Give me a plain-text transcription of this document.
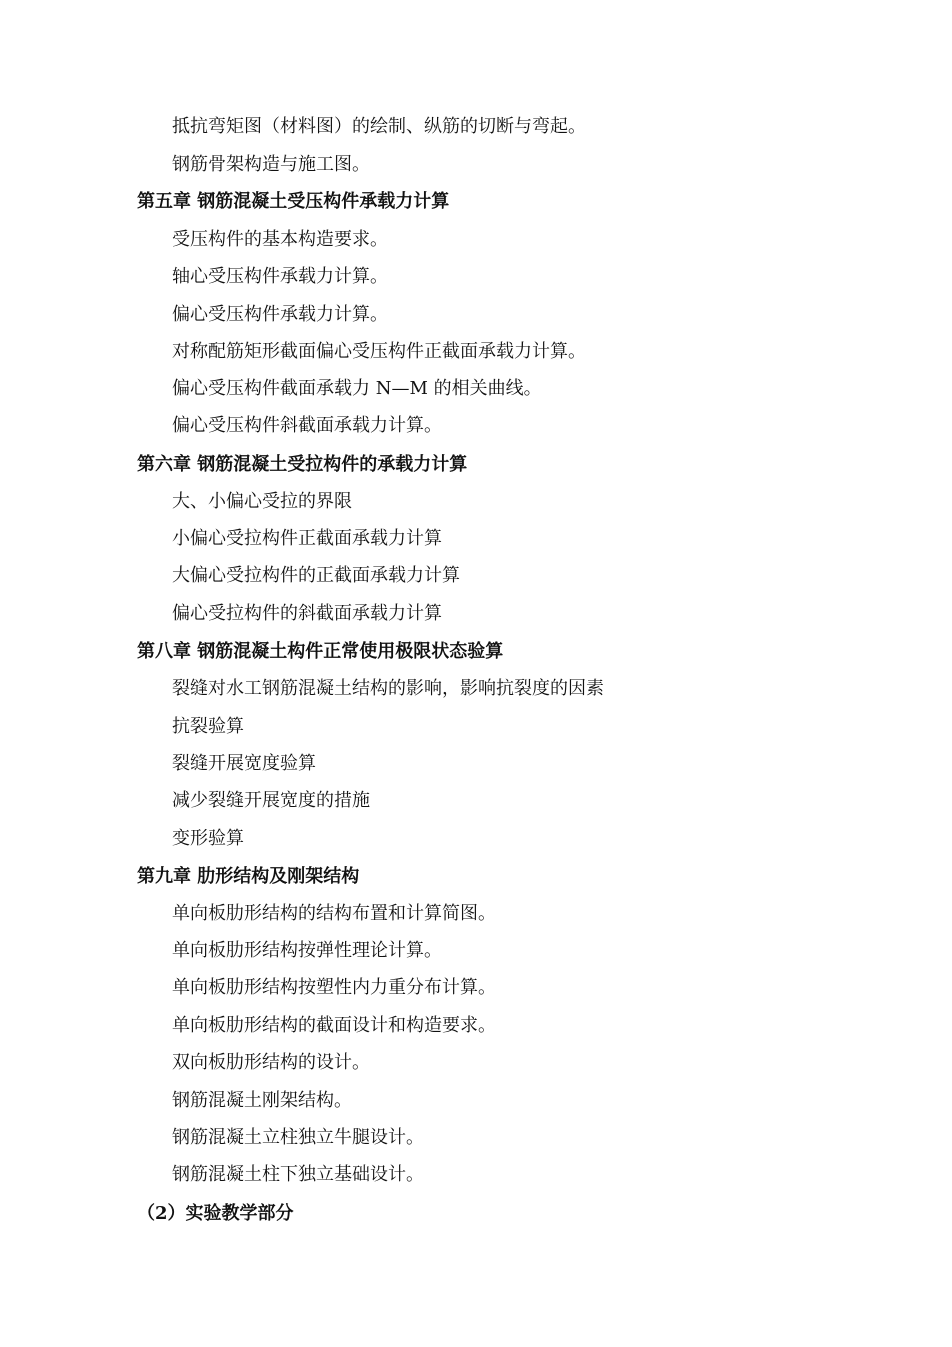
抵抗弯矩图（材料图）的绘制、纵筋的切断与弯起。
钢筋骨架构造与施工图。
第五章 钢筋混凝土受压构件承载力计算
受压构件的基本构造要求。
轴心受压构件承载力计算。
偏心受压构件承载力计算。
对称配筋矩形截面偏心受压构件正截面承载力计算。
偏心受压构件截面承载力 N—M 的相关曲线。
偏心受压构件斜截面承载力计算。
第六章 钢筋混凝土受拉构件的承载力计算
大、小偏心受拉的界限
小偏心受拉构件正截面承载力计算
大偏心受拉构件的正截面承载力计算
偏心受拉构件的斜截面承载力计算
第八章 钢筋混凝土构件正常使用极限状态验算
裂缝对水工钢筋混凝土结构的影响，影响抗裂度的因素
抗裂验算
裂缝开展宽度验算
减少裂缝开展宽度的措施
变形验算
第九章 肋形结构及刚架结构
单向板肋形结构的结构布置和计算简图。
单向板肋形结构按弹性理论计算。
单向板肋形结构按塑性内力重分布计算。
单向板肋形结构的截面设计和构造要求。
双向板肋形结构的设计。
钢筋混凝土刚架结构。
钢筋混凝土立柱独立牛腿设计。
钢筋混凝土柱下独立基础设计。
（2）实验教学部分
